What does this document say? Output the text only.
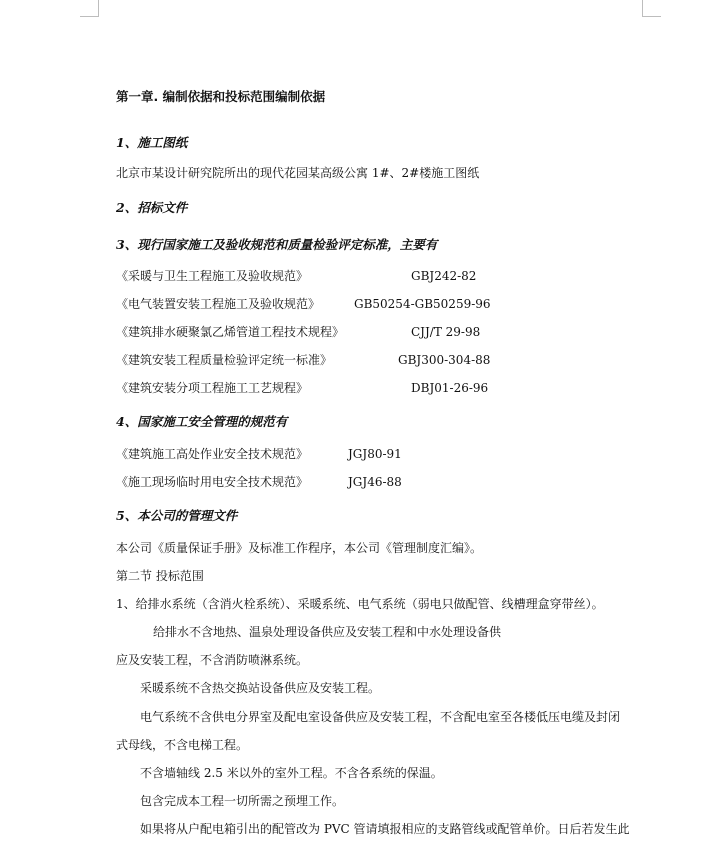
第一章. 编制依据和投标范围编制依据
1、施工图纸
北京市某设计研究院所出的现代花园某高级公寓 1#、2#楼施工图纸
2、招标文件
3、现行国家施工及验收规范和质量检验评定标准，主要有
《采暖与卫生工程施工及验收规范》	GBJ242-82
《电气装置安装工程施工及验收规范》	GB50254-GB50259-96
《建筑排水硬聚氯乙烯管道工程技术规程》	CJJ/T 29-98
《建筑安装工程质量检验评定统一标准》	GBJ300-304-88
《建筑安装分项工程施工工艺规程》	DBJ01-26-96
4、国家施工安全管理的规范有
《建筑施工高处作业安全技术规范》	JGJ80-91
《施工现场临时用电安全技术规范》	JGJ46-88
5、本公司的管理文件
本公司《质量保证手册》及标准工作程序，本公司《管理制度汇编》。
第二节 投标范围
1、给排水系统（含消火栓系统）、采暖系统、电气系统（弱电只做配管、线槽理盒穿带丝）。
给排水不含地热、温泉处理设备供应及安装工程和中水处理设备供
应及安装工程，不含消防喷淋系统。
采暖系统不含热交换站设备供应及安装工程。
电气系统不含供电分界室及配电室设备供应及安装工程，不含配电室至各楼低压电缆及封闭
式母线，不含电梯工程。
不含墙轴线 2.5 米以外的室外工程。不含各系统的保温。
包含完成本工程一切所需之预埋工作。
如果将从户配电箱引出的配管改为 PVC 管请填报相应的支路管线或配管单价。日后若发生此
